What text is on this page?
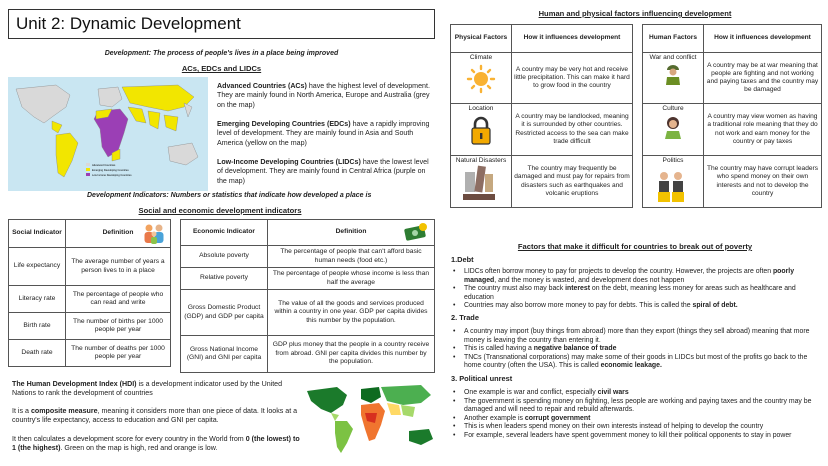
Unit 2: Dynamic Development
Development: The process of people's lives in a place being improved
ACs, EDCs and LIDCs
Advanced Countries
Emerging Developing Countries
Low Income Developing Countries
Advanced Countries (ACs) have the highest level of development. They are mainly found in North America, Europe and Australia (grey on the map)
Emerging Developing Countries (EDCs) have a rapidly improving level of development. They are mainly found in Asia and South America (yellow on the map)
Low-Income Developing Countries (LIDCs) have the lowest level of development. They are mainly found in Central Africa (purple on the map)
Development Indicators: Numbers or statistics that indicate how developed a place is
Social and economic development indicators
Social Indicator	Definition

Life expectancy	The average number of years a person lives to in a place
Literacy rate	The percentage of people who can read and write
Birth rate	The number of births per 1000 people per year
Death rate	The number of deaths per 1000 people per year
Economic Indicator	Definition

Absolute poverty	The percentage of people that can't afford basic human needs (food etc.)
Relative poverty	The percentage of people whose income is less than half the average
Gross Domestic Product (GDP) and GDP per capita	The value of all the goods and services produced within a country in one year. GDP per capita divides this number by the population.
Gross National Income (GNI) and GNI per capita	GDP plus money that the people in a country receive from abroad. GNI per capita divides this number by the population.
The Human Development Index (HDI) is a development indicator used by the United Nations to rank the development of countries
It is a composite measure, meaning it considers more than one piece of data. It looks at a country's life expectancy, access to education and GNI per capita.
It then calculates a development score for every country in the World from 0 (the lowest) to 1 (the highest). Green on the map is high, red and orange is low.
Human and physical factors influencing development
Physical Factors	How it influences development

Climate	A country may be very hot and receive little precipitation. This can make it hard to grow food in the country

Location	A country may be landlocked, meaning it is surrounded by other countries. Restricted access to the sea can make trade difficult

Natural Disasters	The country may frequently be damaged and must pay for repairs from disasters such as earthquakes and volcanic eruptions
Human Factors	How it influences development

War and conflict	A country may be at war meaning that people are fighting and not working and paying taxes and the country may be damaged

Culture	A country may view women as having a traditional role meaning that they do not work and earn money for the country or pay taxes

Politics	The country may have corrupt leaders who spend money on their own interests and not to develop the country
Factors that make it difficult for countries to break out of poverty
1.Debt
• LIDCs often borrow money to pay for projects to develop the country. However, the projects are often poorly managed, and the money is wasted, and development does not happen
• The country must also may back interest on the debt, meaning less money for areas such as healthcare and education
• Countries may also borrow more money to pay for debts. This is called the spiral of debt.
2. Trade
• A country may import (buy things from abroad) more than they export (things they sell abroad) meaning that more money is leaving the country than entering it.
• This is called having a negative balance of trade
• TNCs (Transnational corporations) may make some of their goods in LIDCs but most of the profits go back to the home country (often the USA). This is called economic leakage.
3. Political unrest
• One example is war and conflict, especially civil wars
• The government is spending money on fighting, less people are working and paying taxes and the country may be damaged and will need to repair and rebuild afterwards.
• Another example is corrupt government
• This is when leaders spend money on their own interests instead of helping to develop the country
• For example, several leaders have spent government money to kill their political opponents to stay in power
